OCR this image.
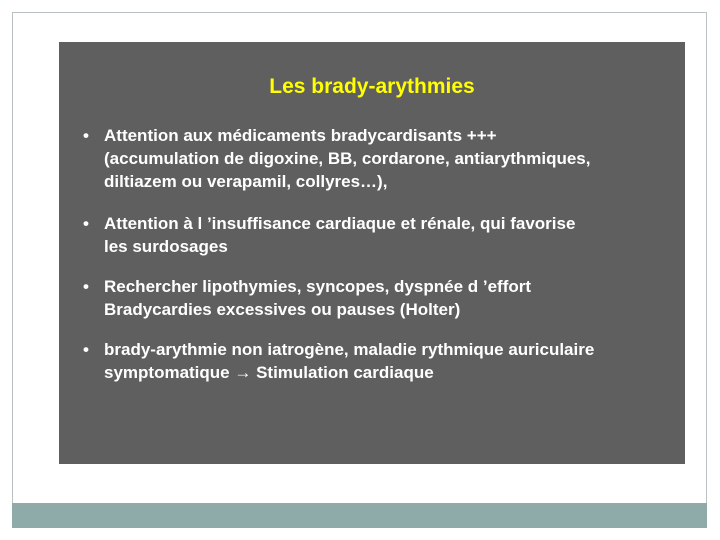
Les brady-arythmies
• Attention aux médicaments bradycardisants +++
(accumulation de digoxine, BB, cordarone, antiarythmiques,
diltiazem ou verapamil, collyres…),
• Attention à l ’insuffisance cardiaque et rénale, qui favorise
les surdosages
• Rechercher lipothymies, syncopes, dyspnée d ’effort
Bradycardies excessives ou pauses (Holter)
• brady-arythmie non iatrogène, maladie rythmique auriculaire
symptomatique → Stimulation cardiaque
